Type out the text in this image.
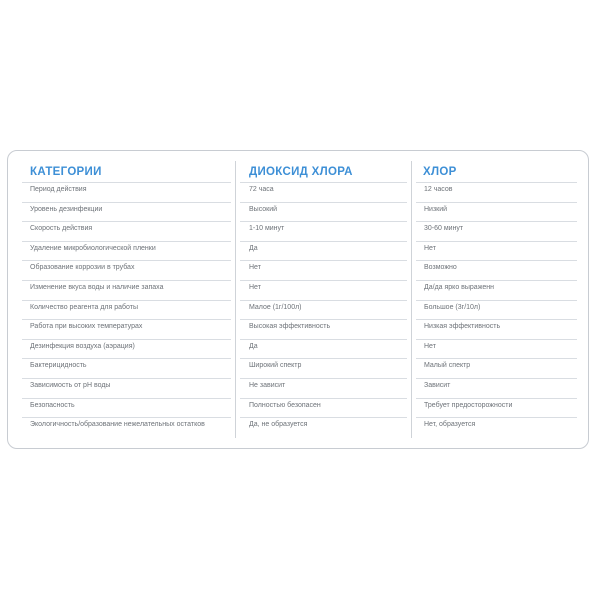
КАТЕГОРИИ	ДИОКСИД ХЛОРА	ХЛОР
Период действия	72 часа	12 часов
Уровень дезинфекции	Высокий	Низкий
Скорость действия	1-10 минут	30-60 минут
Удаление микробиологической пленки	Да	Нет
Образование коррозии в трубах	Нет	Возможно
Изменение вкуса воды и наличие запаха	Нет	Да/да ярко выраженн
Количество реагента для работы	Малое (1г/100л)	Большое (3г/10л)
Работа при высоких температурах	Высокая эффективность	Низкая эффективность
Дезинфекция воздуха (аэрация)	Да	Нет
Бактерицидность	Широкий спектр	Малый спектр
Зависимость от pH воды	Не зависит	Зависит
Безопасность	Полностью безопасен	Требует предосторожности
Экологичность/образование нежелательных остатков	Да, не образуется	Нет, образуется
